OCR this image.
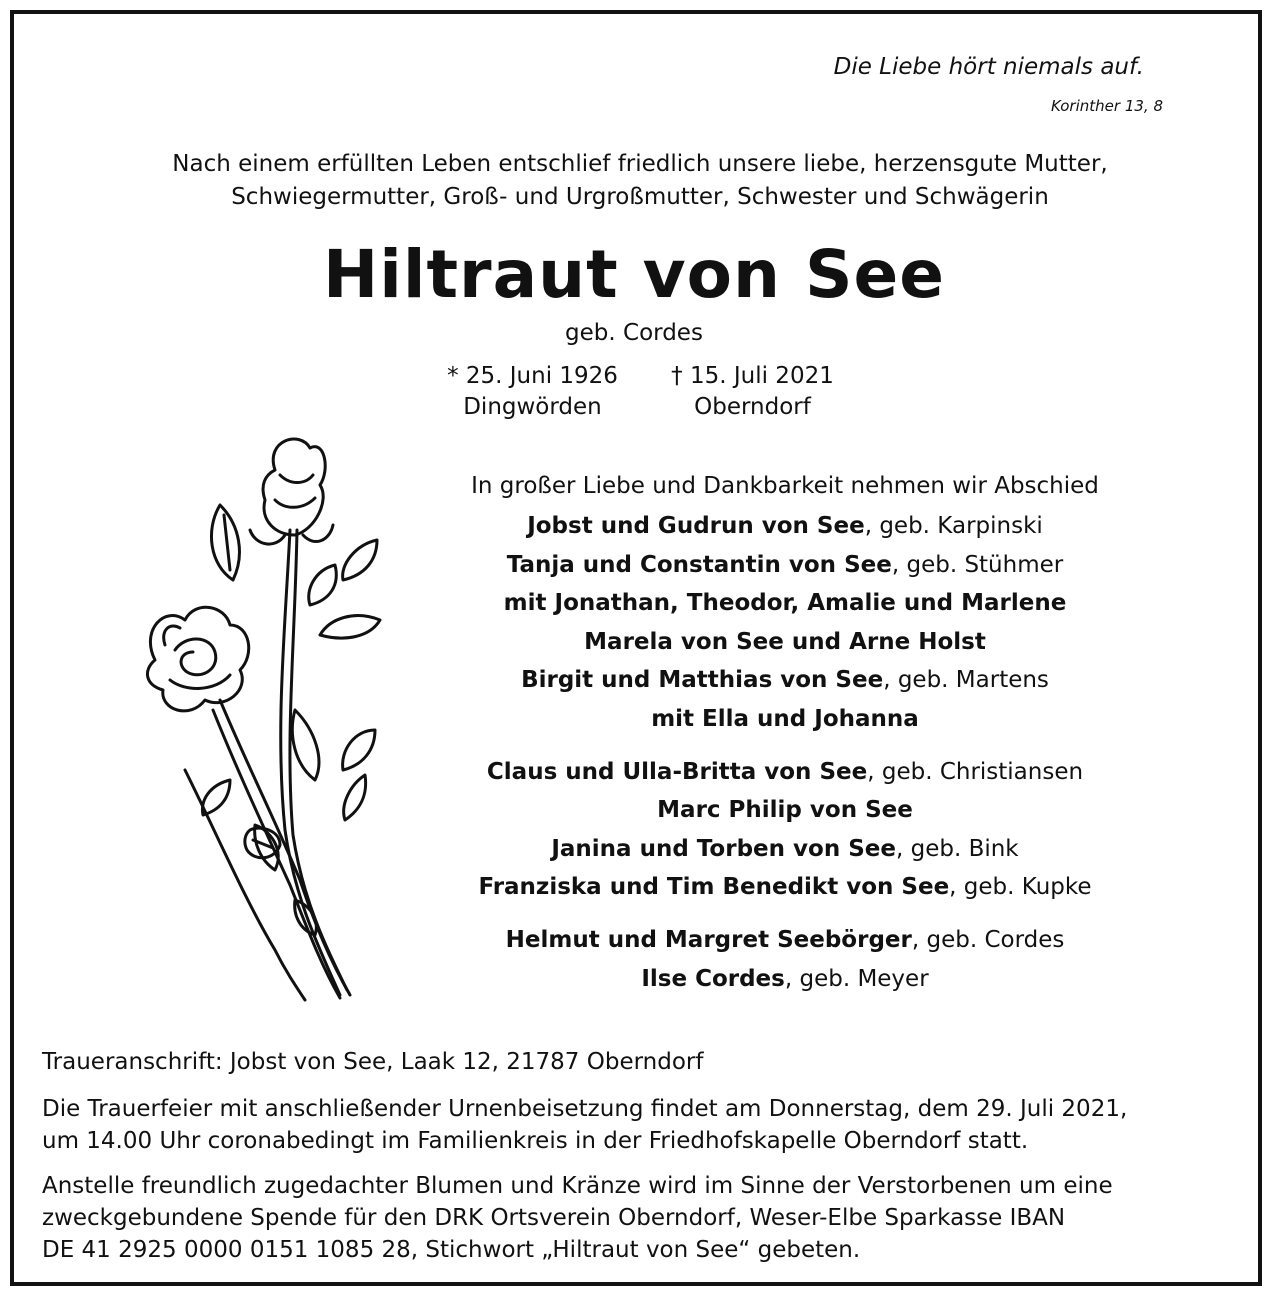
Die Liebe hört niemals auf.
Korinther 13, 8
Nach einem erfüllten Leben entschlief friedlich unsere liebe, herzensgute Mutter,
Schwiegermutter, Groß- und Urgroßmutter, Schwester und Schwägerin
Hiltraut von See
geb. Cordes
* 25. Juni 1926
Dingwörden
† 15. Juli 2021
Oberndorf
In großer Liebe und Dankbarkeit nehmen wir Abschied
Jobst und Gudrun von See, geb. Karpinski
Tanja und Constantin von See, geb. Stühmer
mit Jonathan, Theodor, Amalie und Marlene
Marela von See und Arne Holst
Birgit und Matthias von See, geb. Martens
mit Ella und Johanna
Claus und Ulla-Britta von See, geb. Christiansen
Marc Philip von See
Janina und Torben von See, geb. Bink
Franziska und Tim Benedikt von See, geb. Kupke
Helmut und Margret Seebörger, geb. Cordes
Ilse Cordes, geb. Meyer
Traueranschrift: Jobst von See, Laak 12, 21787 Oberndorf
Die Trauerfeier mit anschließender Urnenbeisetzung findet am Donnerstag, dem 29. Juli 2021,
um 14.00 Uhr coronabedingt im Familienkreis in der Friedhofskapelle Oberndorf statt.
Anstelle freundlich zugedachter Blumen und Kränze wird im Sinne der Verstorbenen um eine
zweckgebundene Spende für den DRK Ortsverein Oberndorf, Weser-Elbe Sparkasse IBAN
DE 41 2925 0000 0151 1085 28, Stichwort „Hiltraut von See“ gebeten.
